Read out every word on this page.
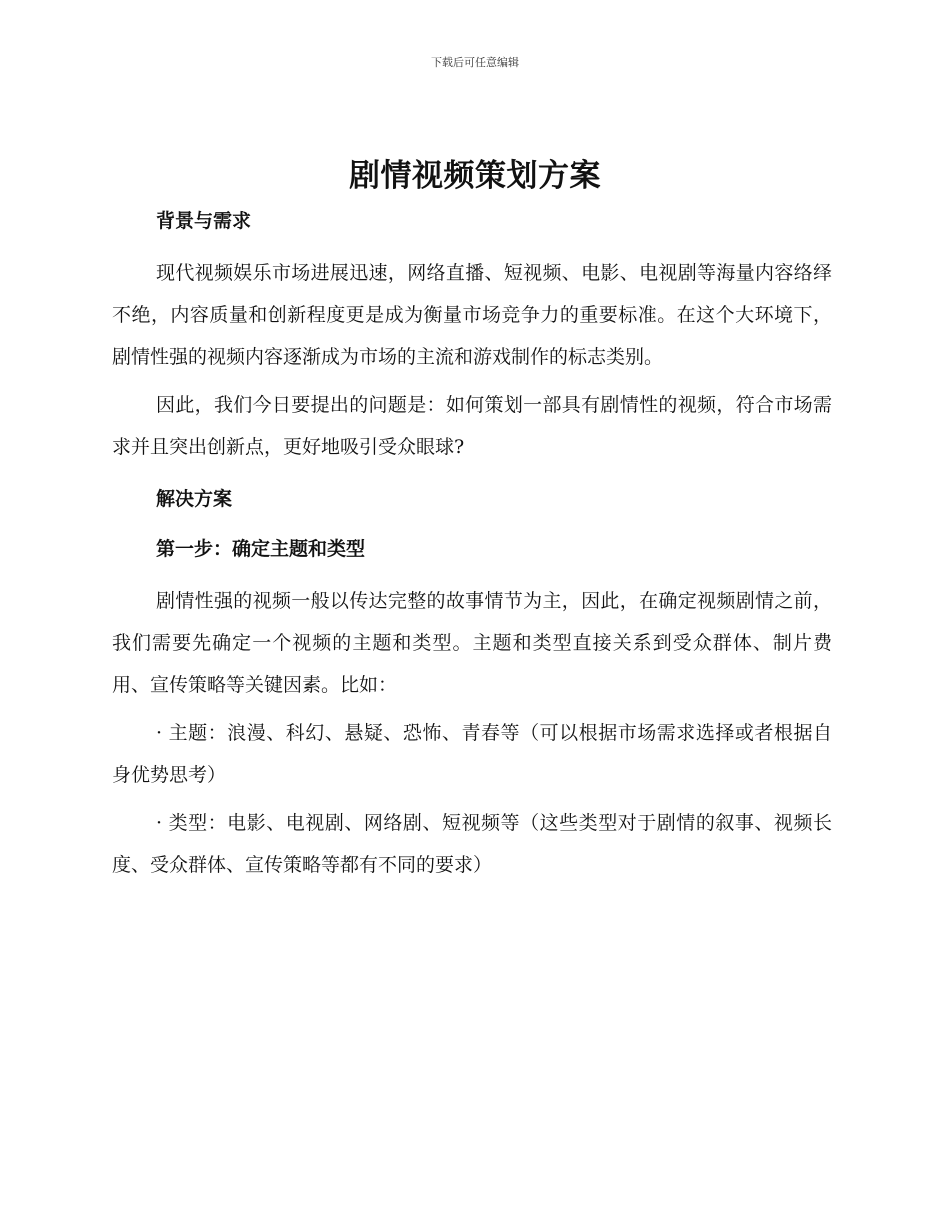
下载后可任意编辑
剧情视频策划方案

背景与需求

现代视频娱乐市场进展迅速，网络直播、短视频、电影、电视剧等海量内容络绎不绝，内容质量和创新程度更是成为衡量市场竞争力的重要标准。在这个大环境下，剧情性强的视频内容逐渐成为市场的主流和游戏制作的标志类别。

因此，我们今日要提出的问题是：如何策划一部具有剧情性的视频，符合市场需求并且突出创新点，更好地吸引受众眼球?

解决方案

第一步：确定主题和类型

剧情性强的视频一般以传达完整的故事情节为主，因此，在确定视频剧情之前，我们需要先确定一个视频的主题和类型。主题和类型直接关系到受众群体、制片费用、宣传策略等关键因素。比如：

· 主题：浪漫、科幻、悬疑、恐怖、青春等（可以根据市场需求选择或者根据自身优势思考）

· 类型：电影、电视剧、网络剧、短视频等（这些类型对于剧情的叙事、视频长度、受众群体、宣传策略等都有不同的要求）
